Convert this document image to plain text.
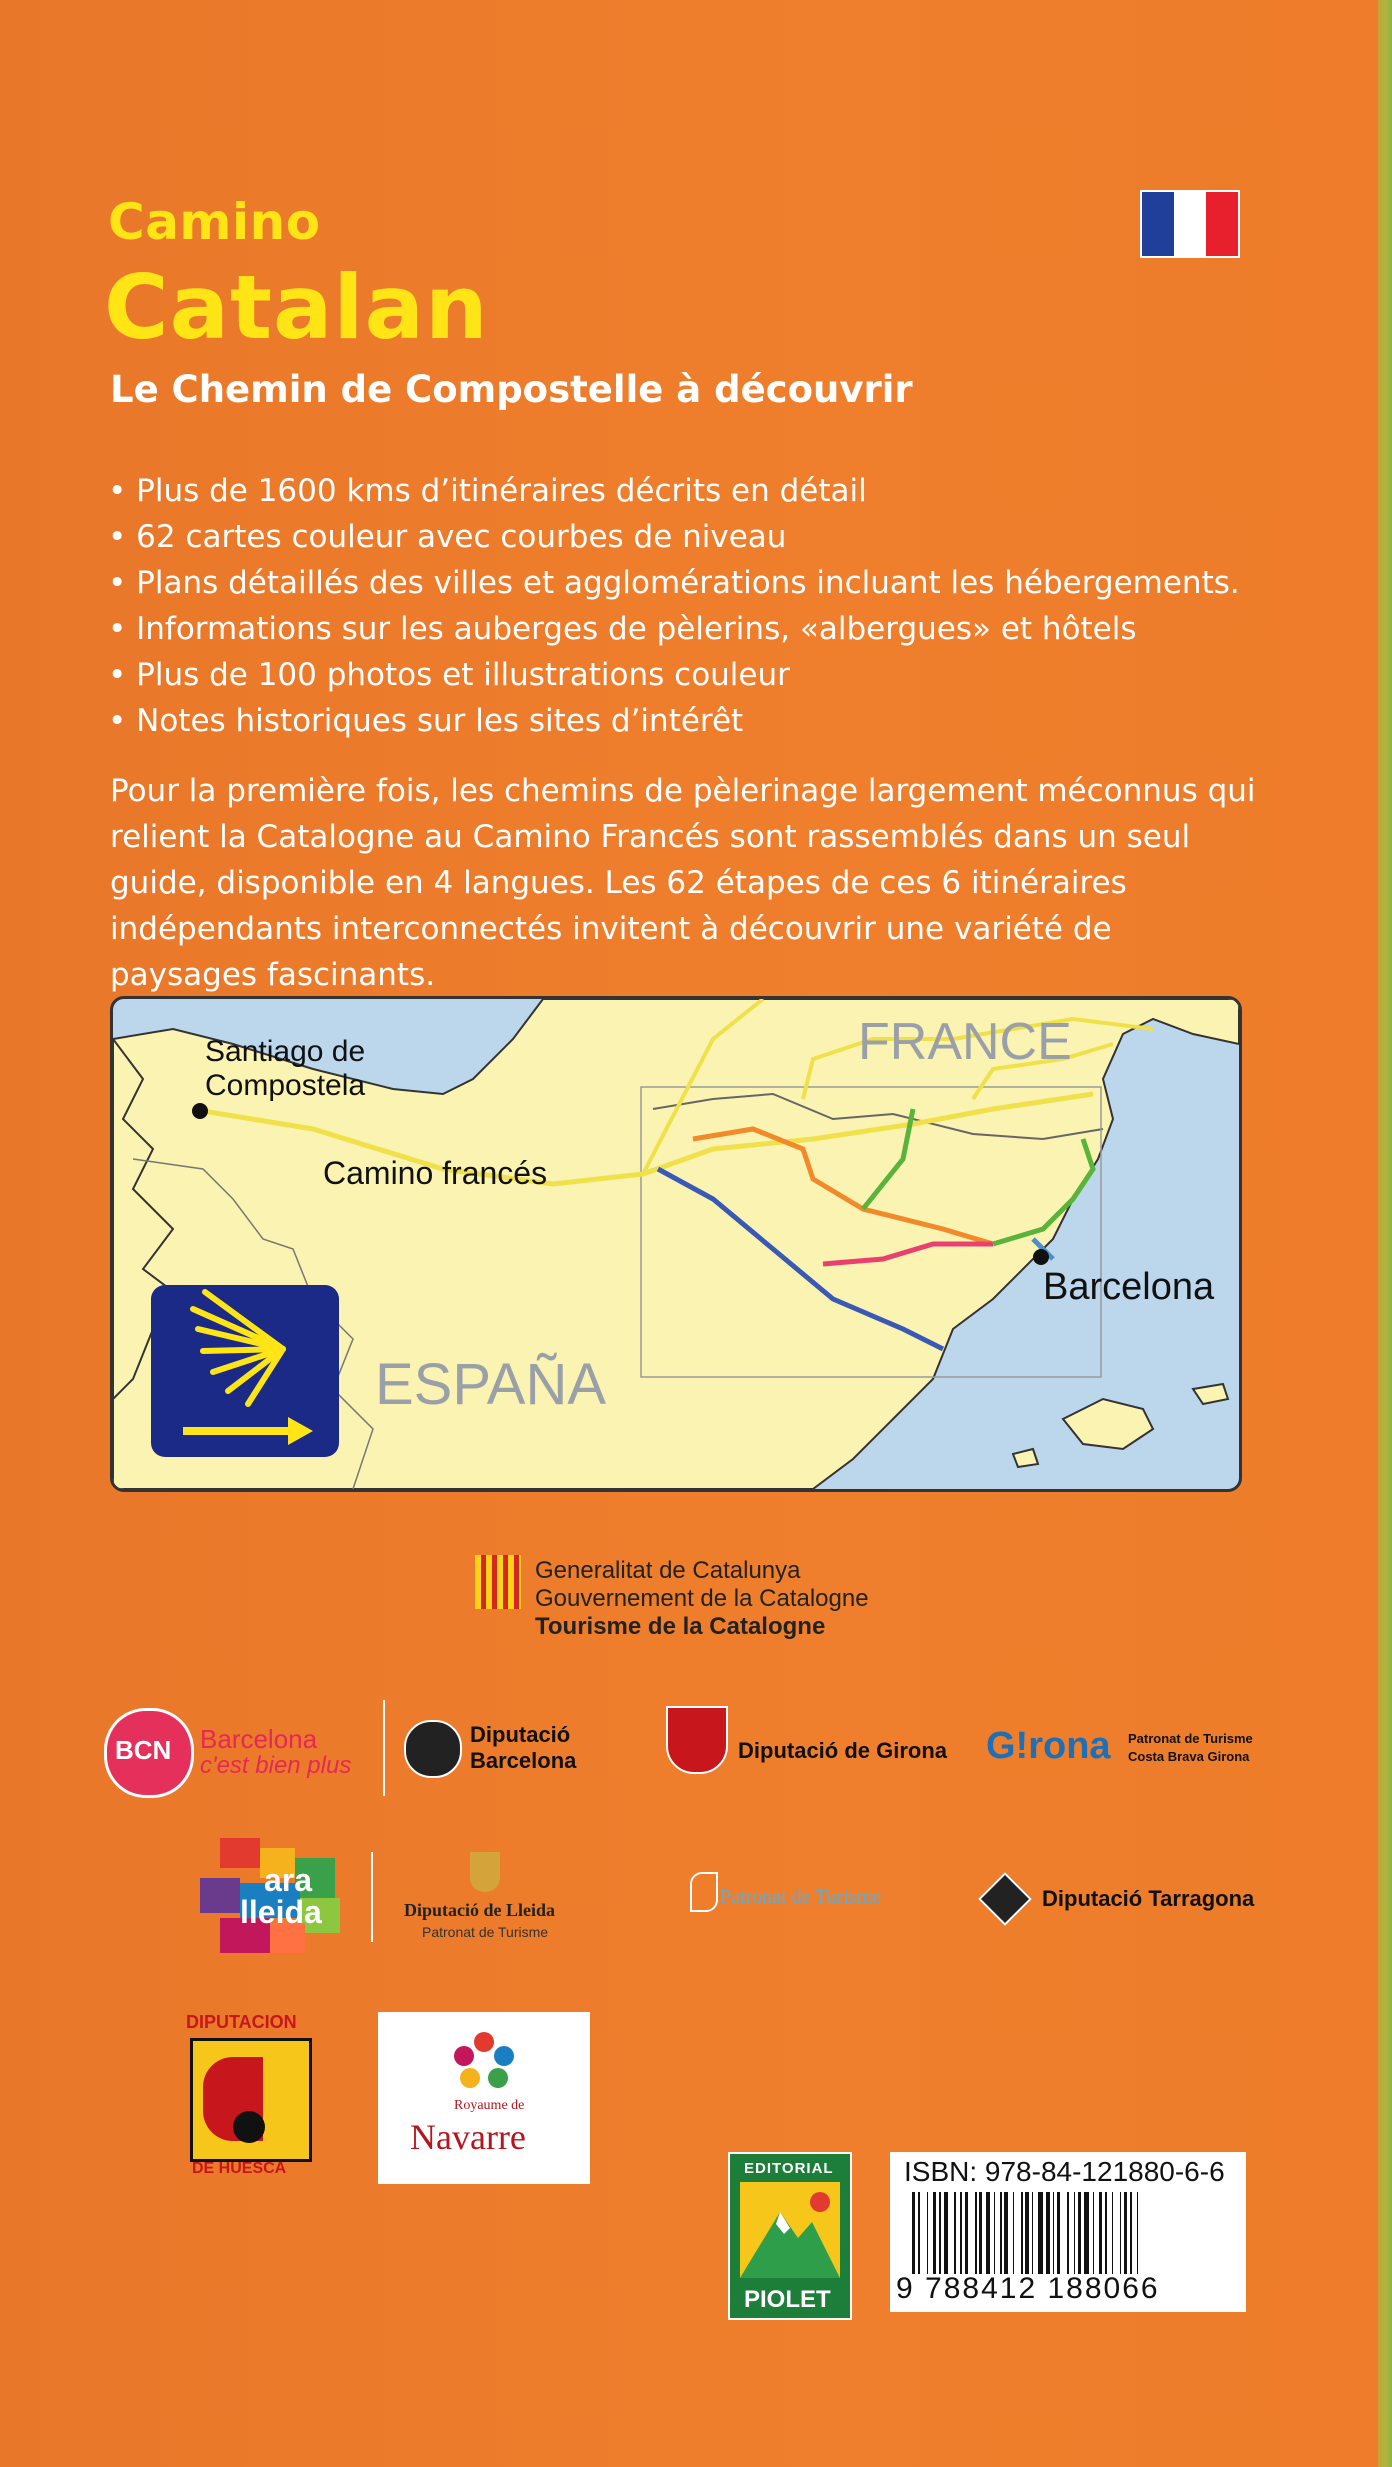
Camino
Catalan
Le Chemin de Compostelle à découvrir
• Plus de 1600 kms d’itinéraires décrits en détail
• 62 cartes couleur avec courbes de niveau
• Plans détaillés des villes et agglomérations incluant les hébergements.
• Informations sur les auberges de pèlerins, «albergues» et hôtels
• Plus de 100 photos et illustrations couleur
• Notes historiques sur les sites d’intérêt
Pour la première fois, les chemins de pèlerinage largement méconnus qui relient la Catalogne au Camino Francés sont rassemblés dans un seul guide, disponible en 4 langues. Les 62 étapes de ces 6 itinéraires indépendants interconnectés invitent à découvrir une variété de paysages fascinants.
Santiago de
Compostela
Camino francés
FRANCE
ESPAÑA
Barcelona
Generalitat de Catalunya
Gouvernement de la Catalogne
Tourisme de la Catalogne
BCN Barcelona
c'est bien plus
Diputació
Barcelona	Diputació de Girona G!rona Patronat de Turisme
Costa Brava Girona
ara
lleida	Diputació de Lleida
Patronat de Turisme
Patronat de Turisme	Diputació Tarragona
DIPUTACION
DE HUESCA
Royaume de
Navarre
EDITORIAL
PIOLET
ISBN: 978-84-121880-6-6
9 788412 188066
